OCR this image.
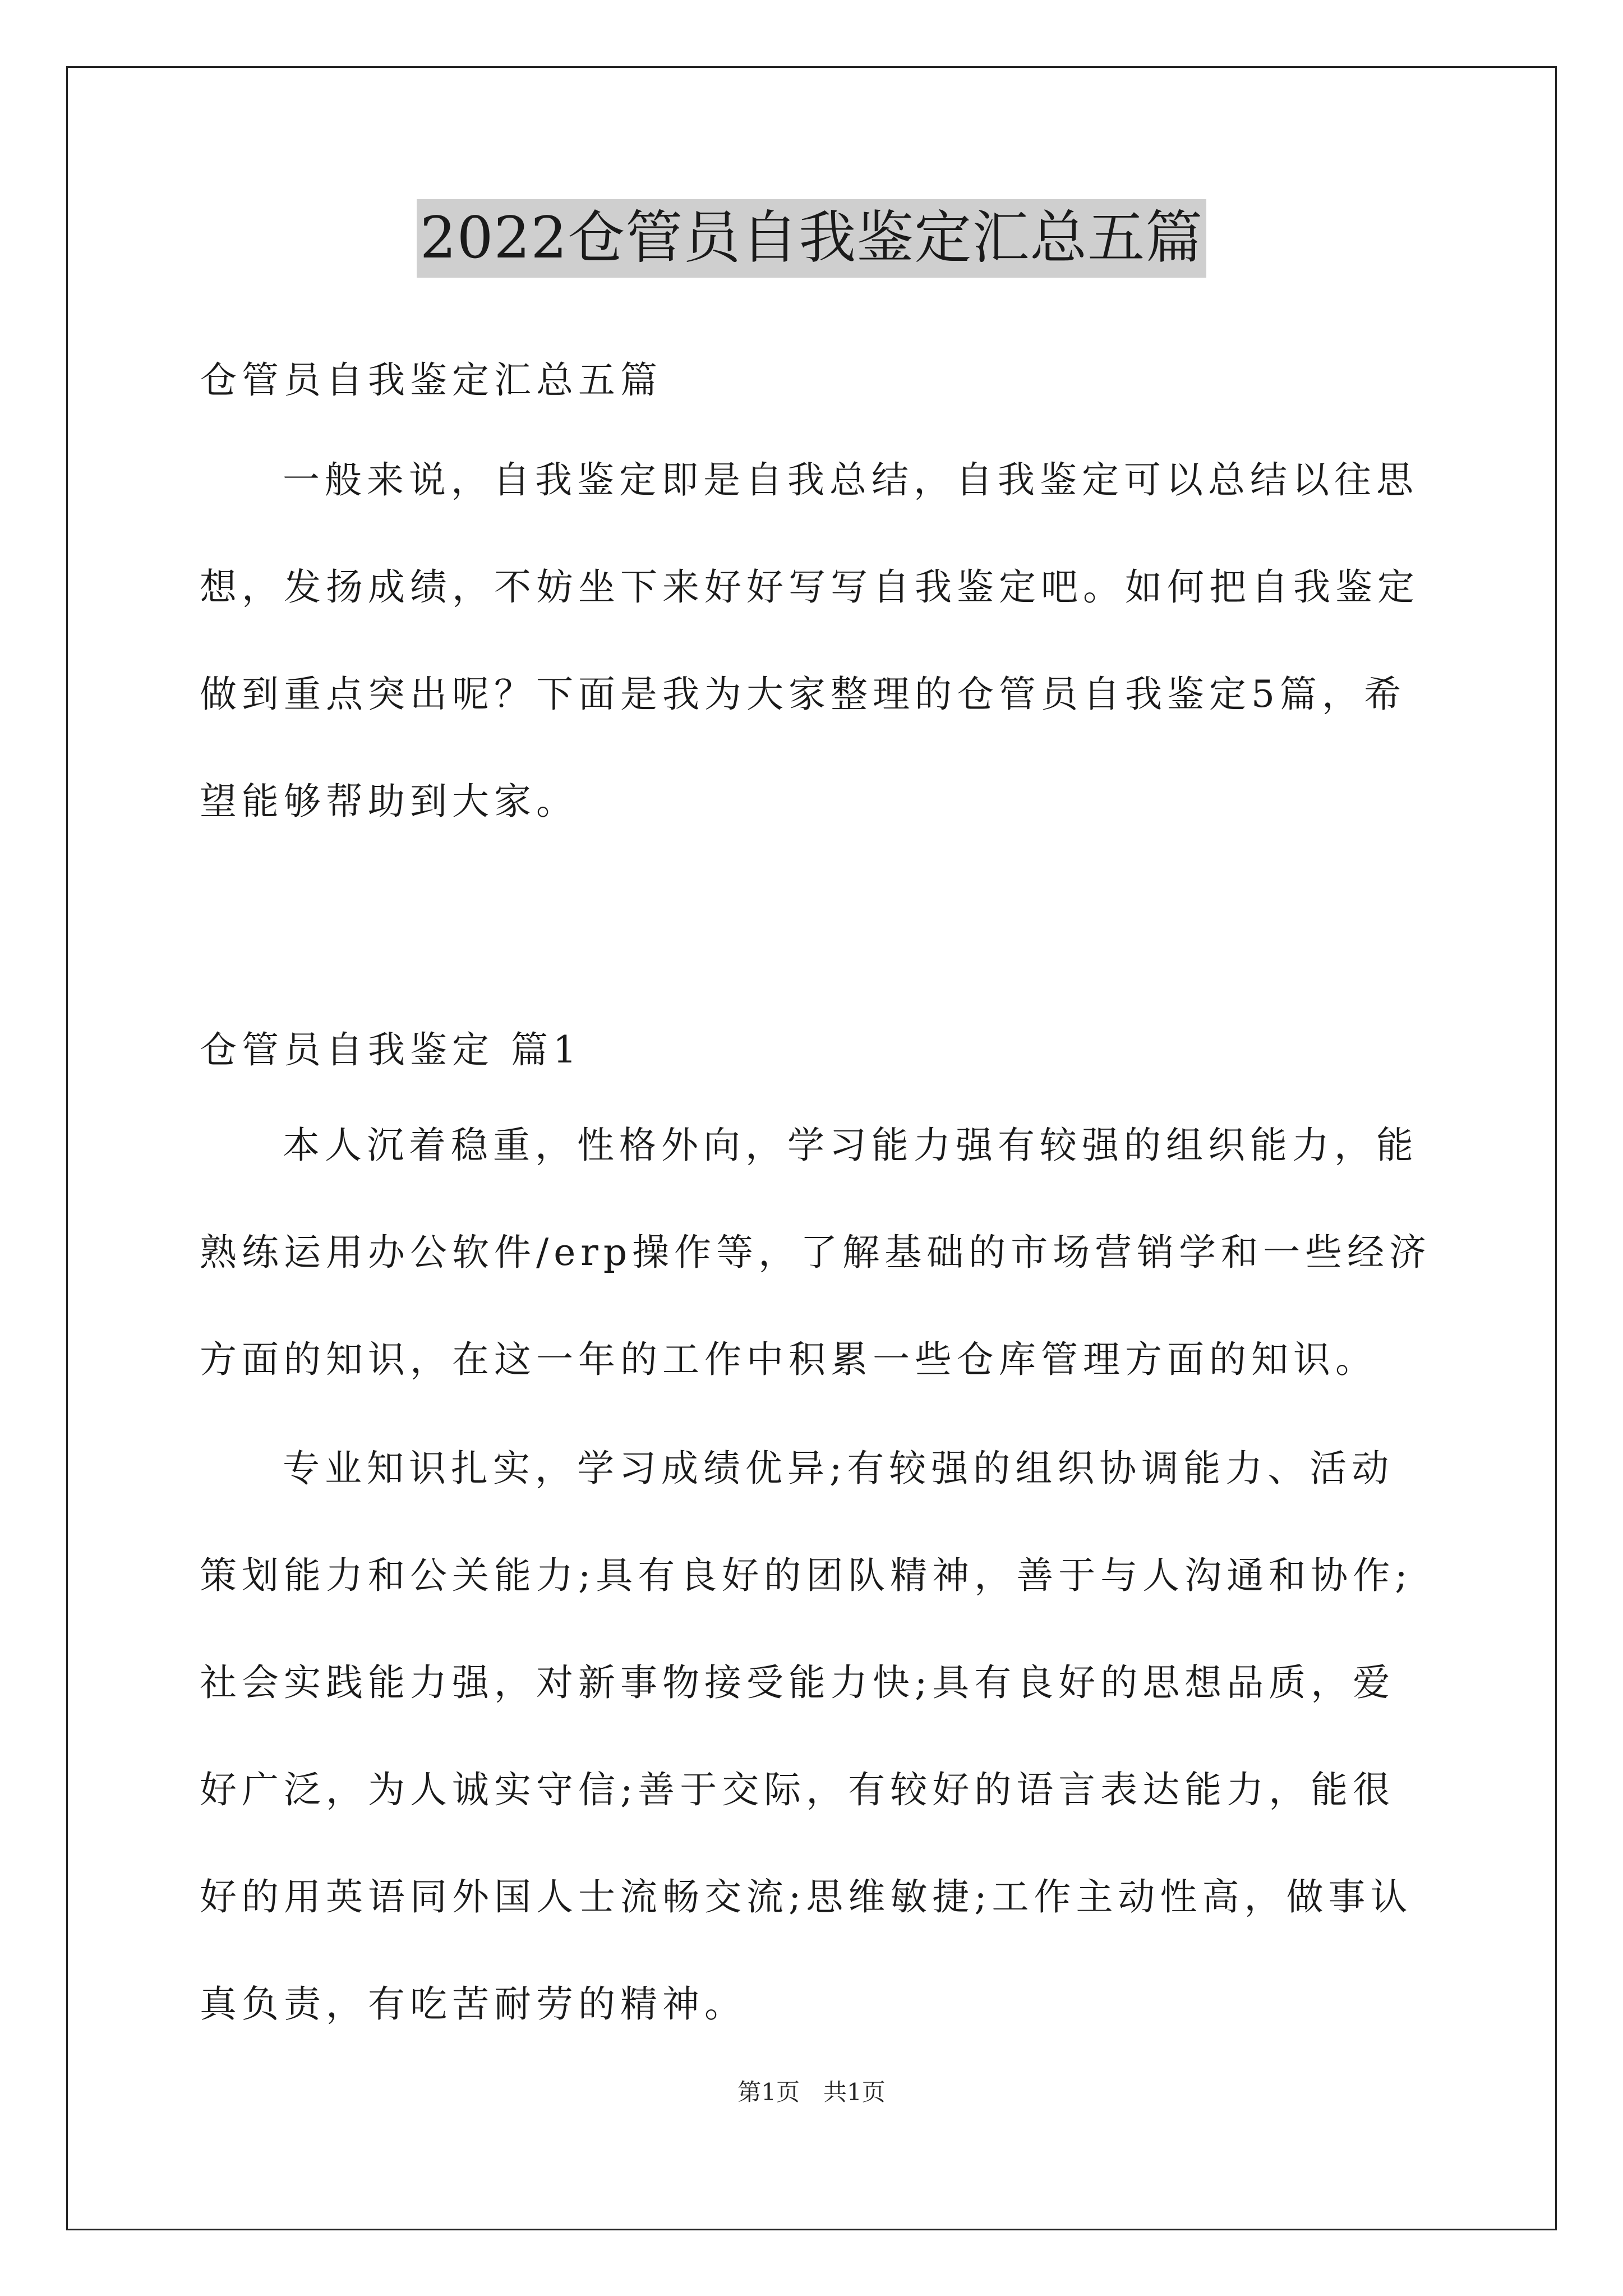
2022仓管员自我鉴定汇总五篇

仓管员自我鉴定汇总五篇

一般来说，自我鉴定即是自我总结，自我鉴定可以总结以往思想，发扬成绩，不妨坐下来好好写写自我鉴定吧。如何把自我鉴定做到重点突出呢？下面是我为大家整理的仓管员自我鉴定5篇，希望能够帮助到大家。

仓管员自我鉴定 篇1

本人沉着稳重，性格外向，学习能力强有较强的组织能力，能熟练运用办公软件/erp操作等，了解基础的市场营销学和一些经济方面的知识，在这一年的工作中积累一些仓库管理方面的知识。

专业知识扎实，学习成绩优异;有较强的组织协调能力、活动策划能力和公关能力;具有良好的团队精神，善于与人沟通和协作;社会实践能力强，对新事物接受能力快;具有良好的思想品质，爱好广泛，为人诚实守信;善于交际，有较好的语言表达能力，能很好的用英语同外国人士流畅交流;思维敏捷;工作主动性高，做事认真负责，有吃苦耐劳的精神。

第1页　共1页
